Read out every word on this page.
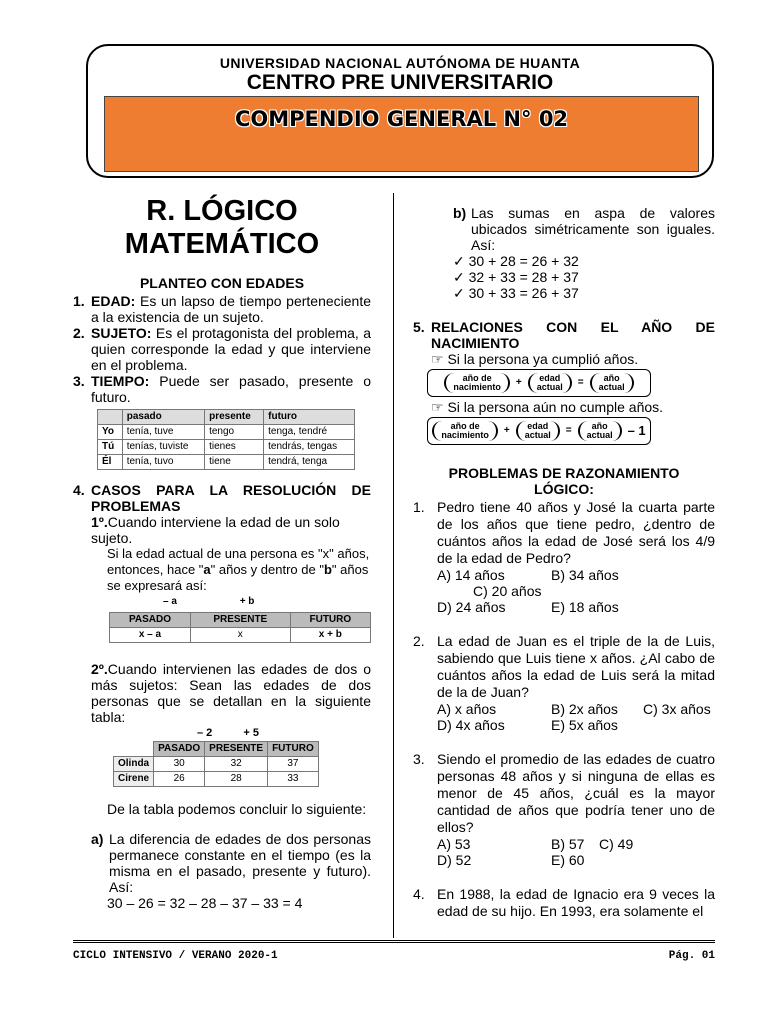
UNIVERSIDAD NACIONAL AUTÓNOMA DE HUANTA
CENTRO PRE UNIVERSITARIO
COMPENDIO GENERAL N° 02
R. LÓGICO
MATEMÁTICO
PLANTEO CON EDADES
1. EDAD: Es un lapso de tiempo perteneciente a la existencia de un sujeto.
2. SUJETO: Es el protagonista del problema, a quien corresponde la edad y que interviene en el problema.
3. TIEMPO: Puede ser pasado, presente o futuro.
	pasado	presente	futuro
Yo	tenía, tuve	tengo	tenga, tendré
Tú	tenías, tuviste	tienes	tendrás, tengas
Él	tenía, tuvo	tiene	tendrá, tenga
4. CASOS PARA LA RESOLUCIÓN DE PROBLEMAS
1º.Cuando interviene la edad de un solo sujeto.
Si la edad actual de una persona es "x" años, entonces, hace "a" años y dentro de "b" años se expresará así:
– a	+ b
PASADO	PRESENTE	FUTURO
x – a	x	x + b
2º.Cuando intervienen las edades de dos o más sujetos: Sean las edades de dos personas que se detallan en la siguiente tabla:
– 2	+ 5
	PASADO	PRESENTE	FUTURO
Olinda	30	32	37
Cirene	26	28	33
De la tabla podemos concluir lo siguiente:
a) La diferencia de edades de dos personas permanece constante en el tiempo (es la misma en el pasado, presente y futuro). Así:
30 – 26 = 32 – 28 – 37 – 33 = 4
b) Las sumas en aspa de valores ubicados simétricamente son iguales. Así:
✓ 30 + 28 = 26 + 32
✓ 32 + 33 = 28 + 37
✓ 30 + 33 = 26 + 37
5. RELACIONES CON EL AÑO DE NACIMIENTO
☞ Si la persona ya cumplió años.
año de
nacimiento	+	edad
actual	=	año
actual
☞ Si la persona aún no cumple años.
año de
nacimiento	+	edad
actual	=	año
actual	– 1
PROBLEMAS DE RAZONAMIENTO LÓGICO:
1. Pedro tiene 40 años y José la cuarta parte de los años que tiene pedro, ¿dentro de cuántos años la edad de José será los 4/9 de la edad de Pedro?
A) 14 años	B) 34 años
C) 20 años
D) 24 años	E) 18 años
2. La edad de Juan es el triple de la de Luis, sabiendo que Luis tiene x años. ¿Al cabo de cuántos años la edad de Luis será la mitad de la de Juan?
A) x años	B) 2x años	C) 3x años
D) 4x años	E) 5x años
3. Siendo el promedio de las edades de cuatro personas 48 años y si ninguna de ellas es menor de 45 años, ¿cuál es la mayor cantidad de años que podría tener uno de ellos?
A) 53	B) 57	C) 49
D) 52	E) 60
4. En 1988, la edad de Ignacio era 9 veces la edad de su hijo. En 1993, era solamente el
CICLO INTENSIVO / VERANO 2020-1	Pág. 01
